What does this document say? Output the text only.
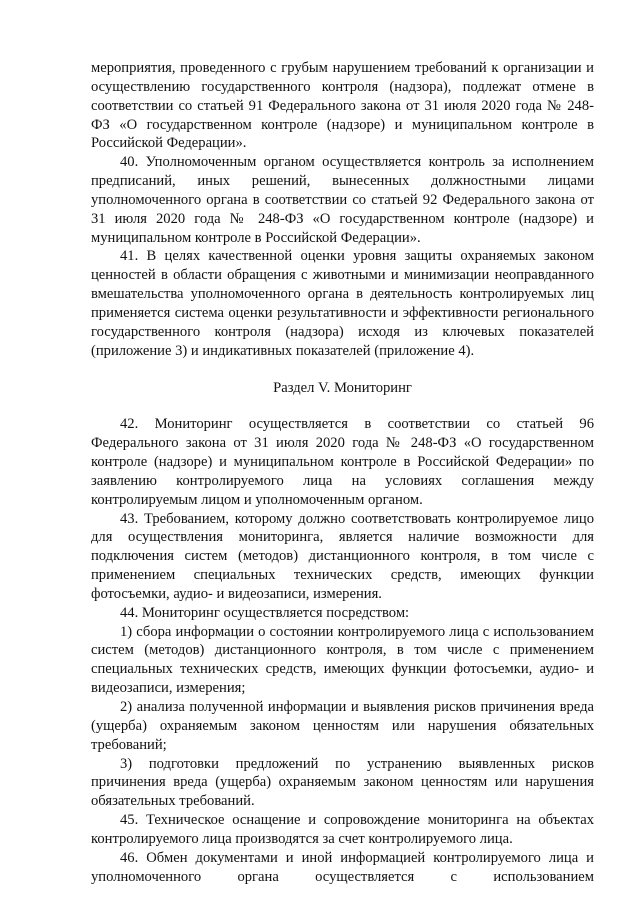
мероприятия, проведенного с грубым нарушением требований к организации и осуществлению государственного контроля (надзора), подлежат отмене в соответствии со статьей 91 Федерального закона от 31 июля 2020 года № 248-ФЗ «О государственном контроле (надзоре) и муниципальном контроле в Российской Федерации».

40. Уполномоченным органом осуществляется контроль за исполнением предписаний, иных решений, вынесенных должностными лицами уполномоченного органа в соответствии со статьей 92 Федерального закона от 31 июля 2020 года № 248-ФЗ «О государственном контроле (надзоре) и муниципальном контроле в Российской Федерации».

41. В целях качественной оценки уровня защиты охраняемых законом ценностей в области обращения с животными и минимизации неоправданного вмешательства уполномоченного органа в деятельность контролируемых лиц применяется система оценки результативности и эффективности регионального государственного контроля (надзора) исходя из ключевых показателей (приложение 3) и индикативных показателей (приложение 4).

Раздел V. Мониторинг

42. Мониторинг осуществляется в соответствии со статьей 96 Федерального закона от 31 июля 2020 года № 248-ФЗ «О государственном контроле (надзоре) и муниципальном контроле в Российской Федерации» по заявлению контролируемого лица на условиях соглашения между контролируемым лицом и уполномоченным органом.

43. Требованием, которому должно соответствовать контролируемое лицо для осуществления мониторинга, является наличие возможности для подключения систем (методов) дистанционного контроля, в том числе с применением специальных технических средств, имеющих функции фотосъемки, аудио- и видеозаписи, измерения.

44. Мониторинг осуществляется посредством:

1) сбора информации о состоянии контролируемого лица с использованием систем (методов) дистанционного контроля, в том числе с применением специальных технических средств, имеющих функции фотосъемки, аудио- и видеозаписи, измерения;

2) анализа полученной информации и выявления рисков причинения вреда (ущерба) охраняемым законом ценностям или нарушения обязательных требований;

3) подготовки предложений по устранению выявленных рисков причинения вреда (ущерба) охраняемым законом ценностям или нарушения обязательных требований.

45. Техническое оснащение и сопровождение мониторинга на объектах контролируемого лица производятся за счет контролируемого лица.

46. Обмен документами и иной информацией контролируемого лица и уполномоченного органа осуществляется с использованием
